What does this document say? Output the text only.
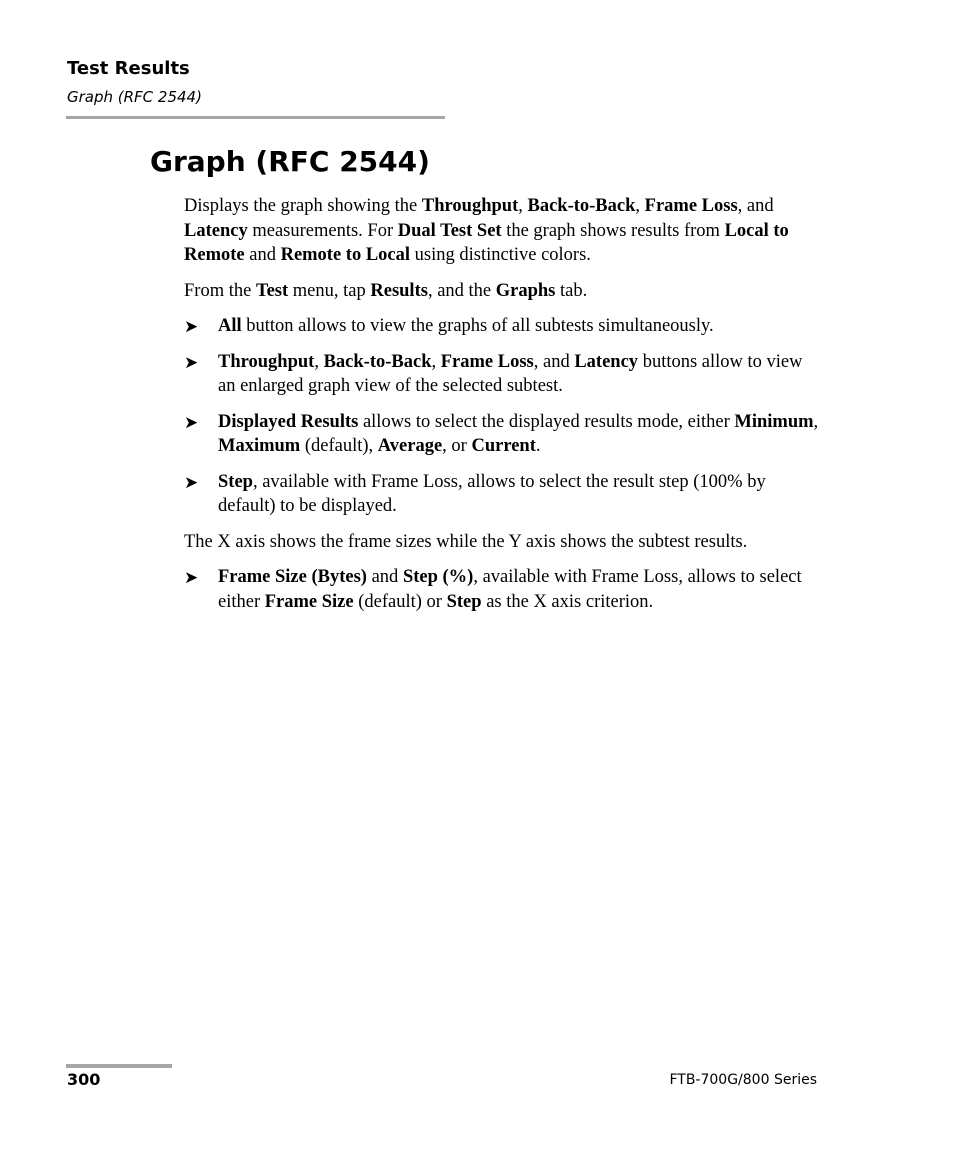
Test Results
Graph (RFC 2544)
Graph (RFC 2544)

Displays the graph showing the Throughput, Back-to-Back, Frame Loss, and Latency measurements. For Dual Test Set the graph shows results from Local to Remote and Remote to Local using distinctive colors.

From the Test menu, tap Results, and the Graphs tab.

➤ All button allows to view the graphs of all subtests simultaneously.
➤ Throughput, Back-to-Back, Frame Loss, and Latency buttons allow to view an enlarged graph view of the selected subtest.
➤ Displayed Results allows to select the displayed results mode, either Minimum, Maximum (default), Average, or Current.
➤ Step, available with Frame Loss, allows to select the result step (100% by default) to be displayed.

The X axis shows the frame sizes while the Y axis shows the subtest results.

➤ Frame Size (Bytes) and Step (%), available with Frame Loss, allows to select either Frame Size (default) or Step as the X axis criterion.
300	FTB-700G/800 Series
